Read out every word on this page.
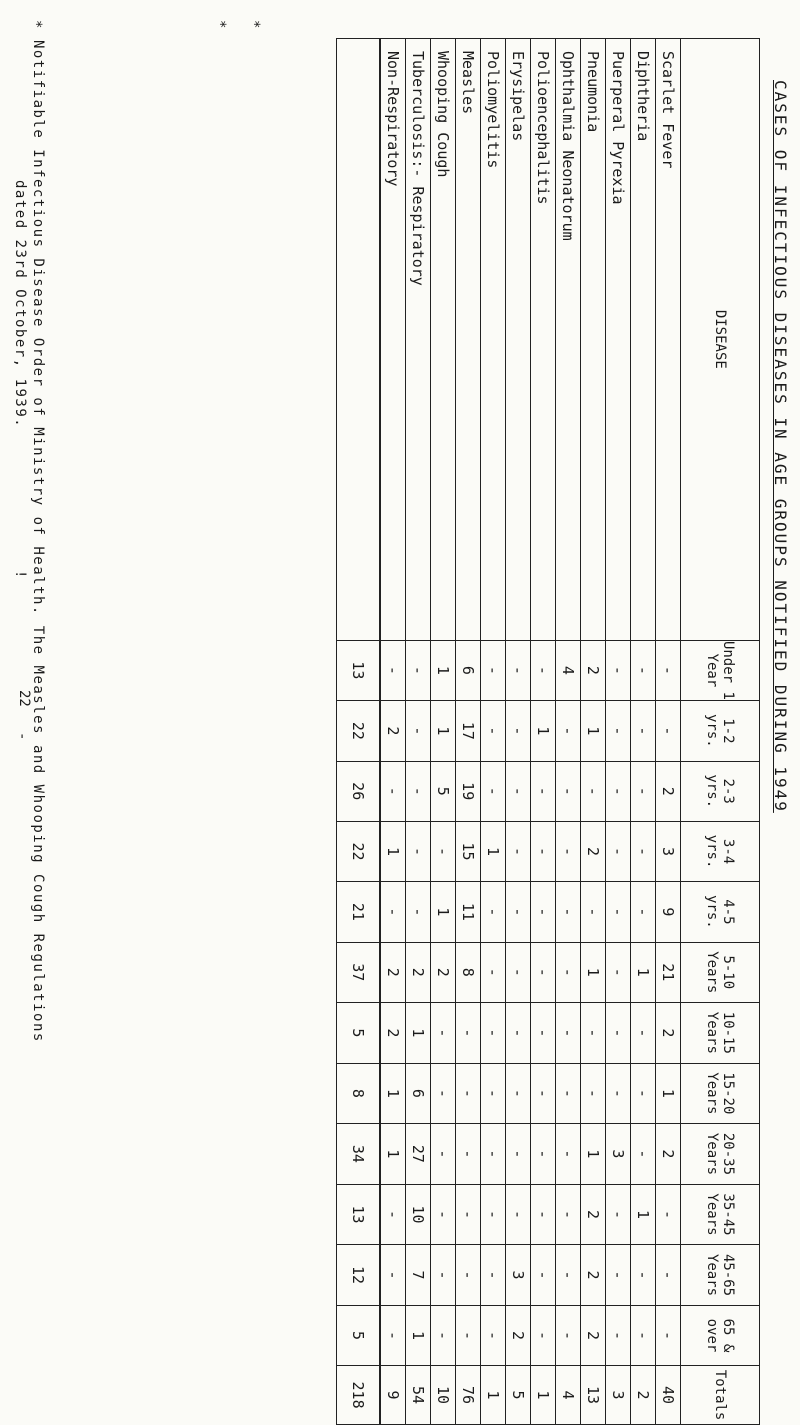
CASES OF INFECTIOUS DISEASES IN AGE GROUPS NOTIFIED DURING 1949
DISEASE	Under 1 Year	1-2 yrs.	2-3 yrs.	3-4 yrs.	4-5 yrs.	5-10 Years	10-15 Years	15-20 Years	20-35 Years	35-45 Years	45-65 Years	65 & over	Totals
Scarlet Fever	-	-	2	3	9	21	2	1	2	-	-	-	40
Diphtheria	-	-	-	-	-	1	-	-	-	1	-	-	2
Puerperal Pyrexia	-	-	-	-	-	-	-	-	3	-	-	-	3
Pneumonia	2	1	-	2	-	1	-	-	1	2	2	2	13
Ophthalmia Neonatorum	4	-	-	-	-	-	-	-	-	-	-	-	4
Polioencephalitis	-	1	-	-	-	-	-	-	-	-	-	-	1
Erysipelas	-	-	-	-	-	-	-	-	-	-	3	2	5
Poliomyelitis	-	-	-	1	-	-	-	-	-	-	-	-	1
Measles	6	17	19	15	11	8	-	-	-	-	-	-	76
Whooping Cough	1	1	5	-	1	2	-	-	-	-	-	-	10
Tuberculosis:- Respiratory	-	-	-	-	-	2	1	6	27	10	7	1	54
Non-Respiratory	-	2	-	1	-	2	2	1	1	-	-	-	9
	13	22	26	22	21	37	5	8	34	13	12	5	218
*	*
*
Notifiable Infectious Disease Order of Ministry of Health. The Measles and Whooping Cough Regulations
dated 23rd October, 1939.
!
22
-
